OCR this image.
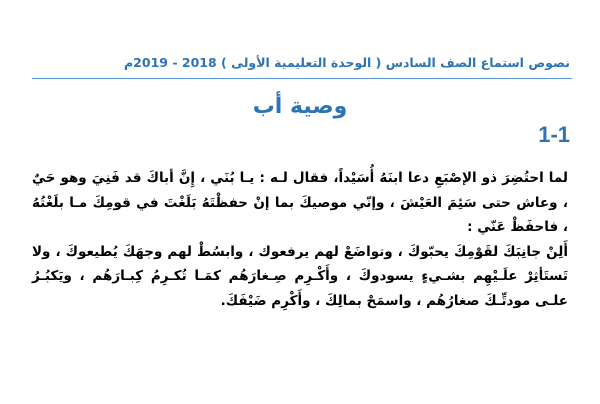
نصوص استماع الصف السادس ( الوحدة التعليمية الأولى ) 2018 - 2019م
وصية أب
1-1

لما احتُضِرَ ذو الإصْبَعِ دعا ابنَهُ أُسَيْداً، فقال لـه : يـا بُنَي ، إِنَّ أباكَ قد فَنِيَ وهو حَيٌ ، وعاش حتى سَئِمَ العَيْشَ ، وإنّي موصيكَ بما إنْ حفظْتَهُ بَلَغْتَ في قومِكَ مـا بلَغْتُهُ ، فاحفَظْ عَنّي :

أَلِنْ جانِبَكَ لقَوْمِكَ يحبّوكَ ، وتواضَعْ لهم يرفعوك ، وابسُطْ لهم وجهَكَ يُطيعوكَ ، ولا تَستَأثِرْ علَـيْهِم بشـيءٍ يسودوكَ ، وأَكْـرِم صِـغارَهُم كمَـا تُكـرِمُ كِبـارَهُم ، ويَكبُـرُ علـى مودتِّـكَ صغارُهُم ، واسمَحْ بمالِكَ ، وأَكْرِم ضَيْفَكَ.
